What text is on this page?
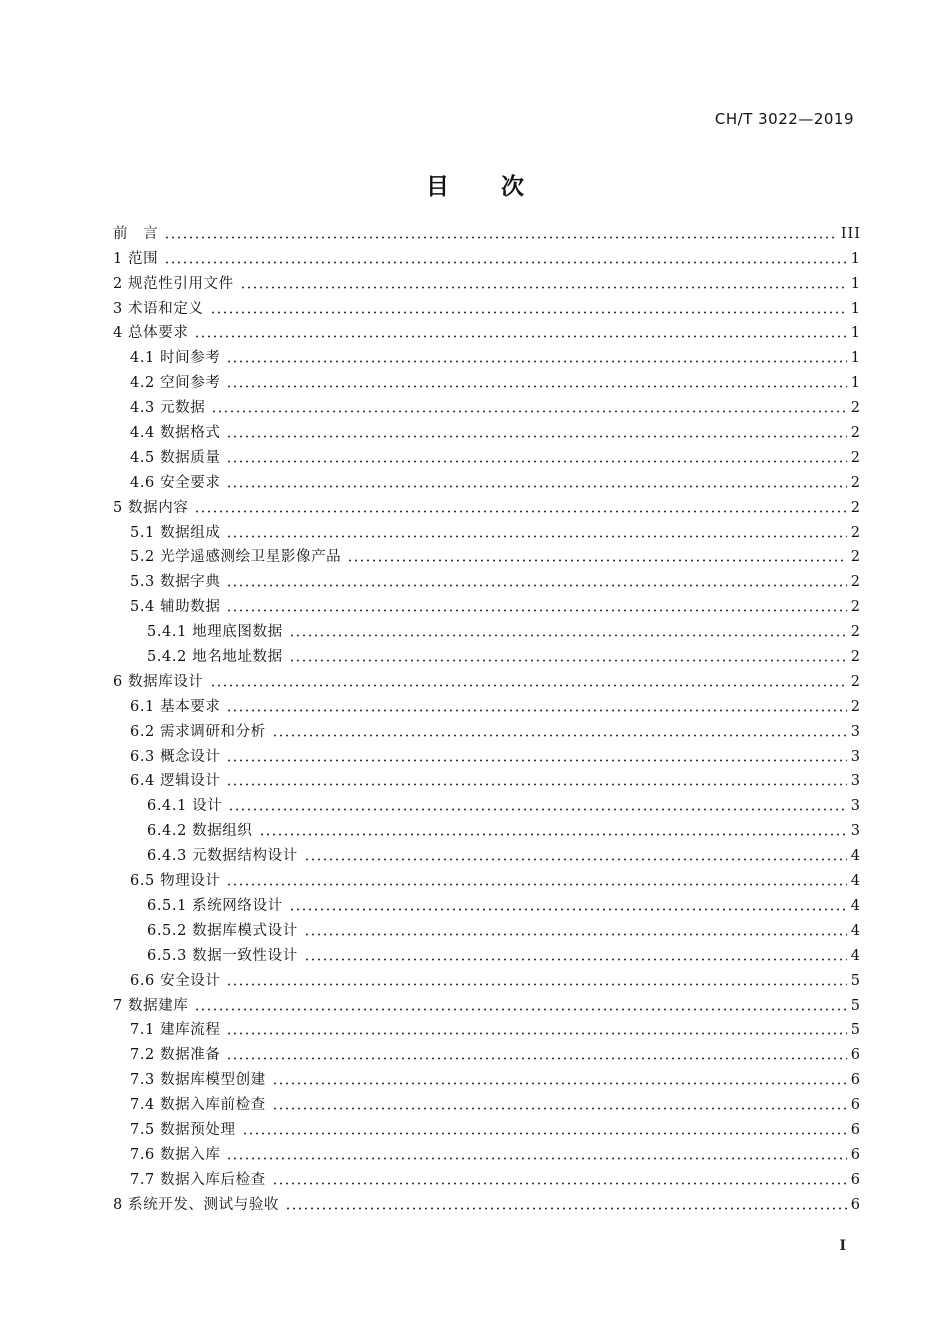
CH/T 3022—2019
目次
前　言	III
1 范围	1
2 规范性引用文件	1
3 术语和定义	1
4 总体要求	1
4.1 时间参考	1
4.2 空间参考	1
4.3 元数据	2
4.4 数据格式	2
4.5 数据质量	2
4.6 安全要求	2
5 数据内容	2
5.1 数据组成	2
5.2 光学遥感测绘卫星影像产品	2
5.3 数据字典	2
5.4 辅助数据	2
5.4.1 地理底图数据	2
5.4.2 地名地址数据	2
6 数据库设计	2
6.1 基本要求	2
6.2 需求调研和分析	3
6.3 概念设计	3
6.4 逻辑设计	3
6.4.1 设计	3
6.4.2 数据组织	3
6.4.3 元数据结构设计	4
6.5 物理设计	4
6.5.1 系统网络设计	4
6.5.2 数据库模式设计	4
6.5.3 数据一致性设计	4
6.6 安全设计	5
7 数据建库	5
7.1 建库流程	5
7.2 数据准备	6
7.3 数据库模型创建	6
7.4 数据入库前检查	6
7.5 数据预处理	6
7.6 数据入库	6
7.7 数据入库后检查	6
8 系统开发、测试与验收	6
I
